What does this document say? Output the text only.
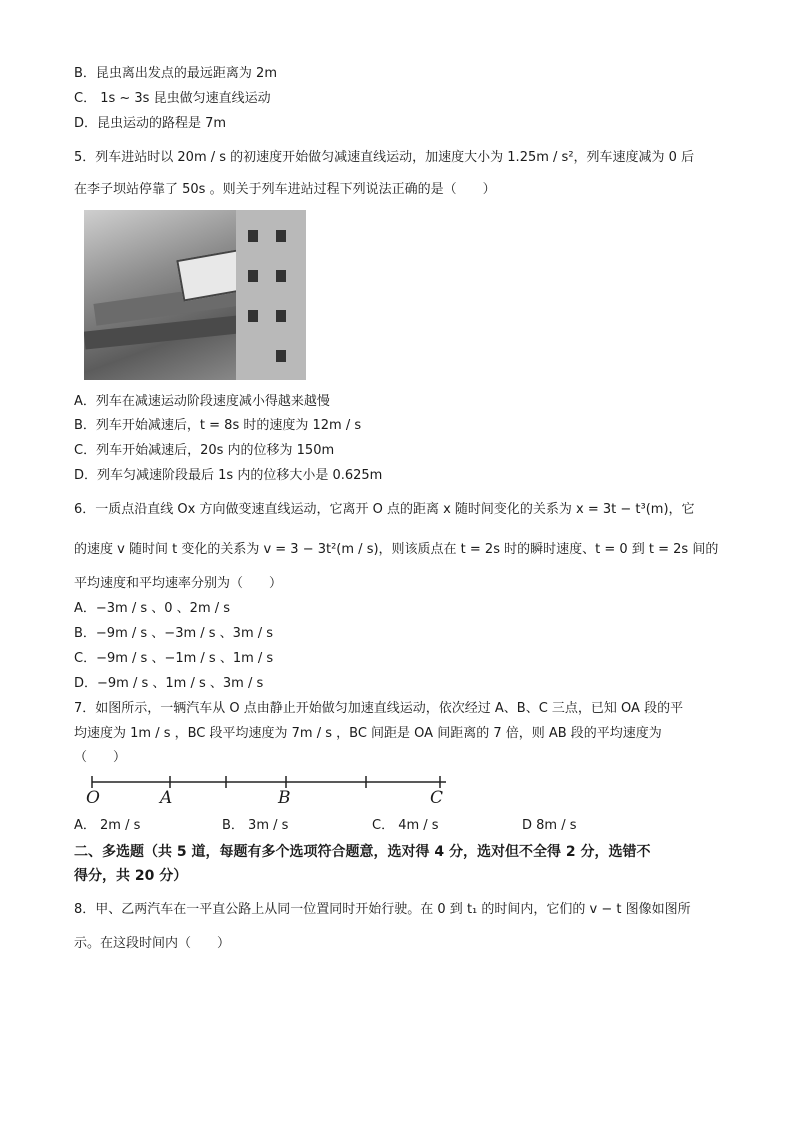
B．昆虫离出发点的最远距离为 2m
C． 1s ~ 3s 昆虫做匀速直线运动
D．昆虫运动的路程是 7m
5．列车进站时以 20m / s 的初速度开始做匀减速直线运动，加速度大小为 1.25m / s²，列车速度减为 0 后
在李子坝站停靠了 50s 。则关于列车进站过程下列说法正确的是（　　）
A．列车在减速运动阶段速度减小得越来越慢
B．列车开始减速后，t = 8s 时的速度为 12m / s
C．列车开始减速后，20s 内的位移为 150m
D．列车匀减速阶段最后 1s 内的位移大小是 0.625m
6．一质点沿直线 Ox 方向做变速直线运动，它离开 O 点的距离 x 随时间变化的关系为 x = 3t − t³(m)，它
的速度 v 随时间 t 变化的关系为 v = 3 − 3t²(m / s)，则该质点在 t = 2s 时的瞬时速度、t = 0 到 t = 2s 间的
平均速度和平均速率分别为（　　）
A．−3m / s 、0 、2m / s
B．−9m / s 、−3m / s 、3m / s
C．−9m / s 、−1m / s 、1m / s
D．−9m / s 、1m / s 、3m / s
7．如图所示，一辆汽车从 O 点由静止开始做匀加速直线运动，依次经过 A、B、C 三点，已知 OA 段的平
均速度为 1m / s ，BC 段平均速度为 7m / s ，BC 间距是 OA 间距离的 7 倍，则 AB 段的平均速度为
（　　）
O	A	B	C
A． 2m / s	B． 3m / s	C． 4m / s	D 8m / s
二、多选题（共 5 道，每题有多个选项符合题意，选对得 4 分，选对但不全得 2 分，选错不
得分，共 20 分）
8．甲、乙两汽车在一平直公路上从同一位置同时开始行驶。在 0 到 t₁ 的时间内，它们的 v − t 图像如图所
示。在这段时间内（　　）
